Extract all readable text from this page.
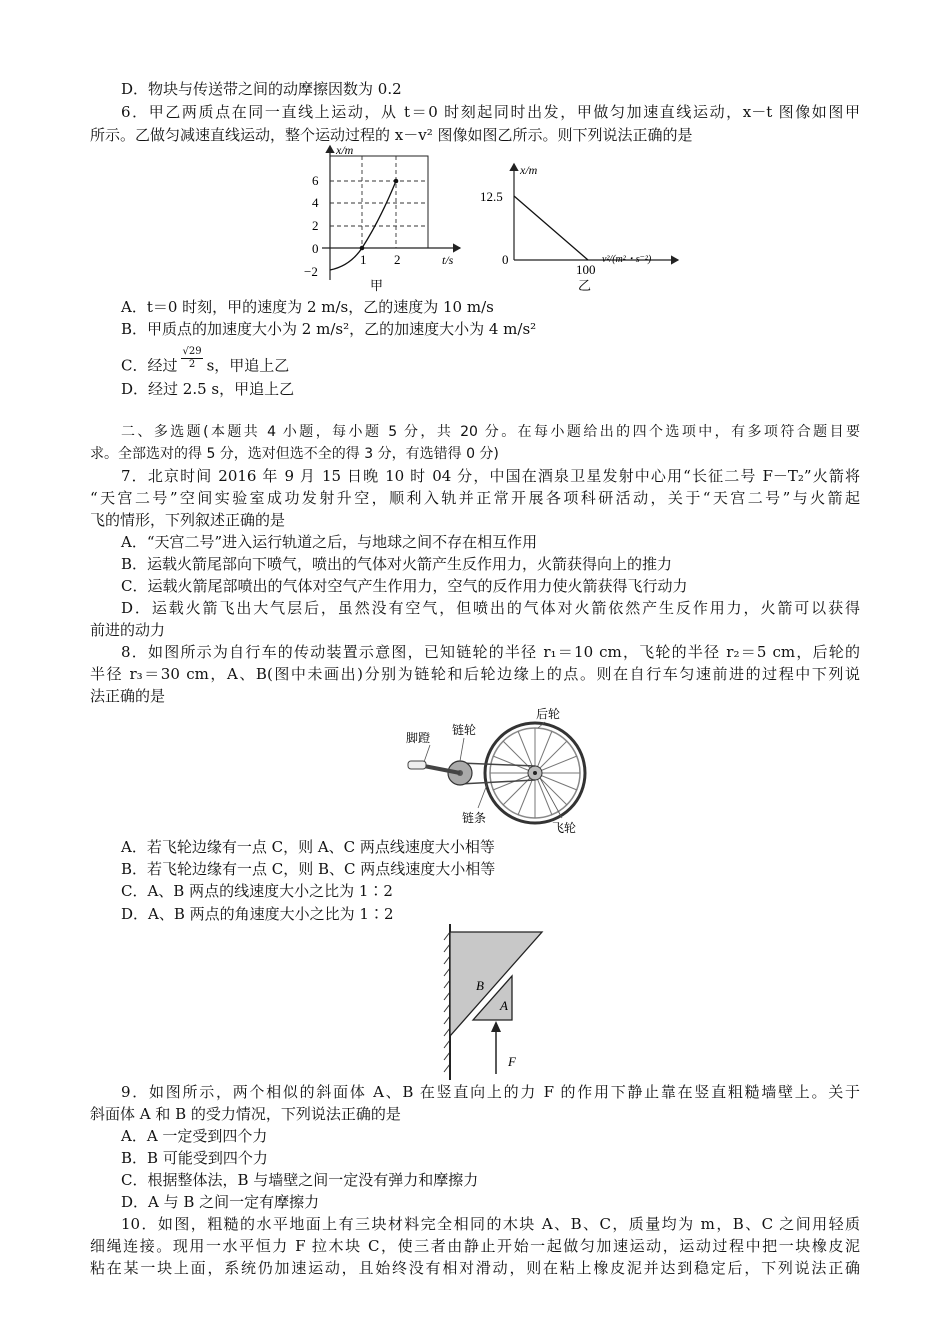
D．物块与传送带之间的动摩擦因数为 0.2
6．甲乙两质点在同一直线上运动，从 t＝0 时刻起同时出发，甲做匀加速直线运动，x－t 图像如图甲
所示。乙做匀减速直线运动，整个运动过程的 x－v² 图像如图乙所示。则下列说法正确的是
x/m
6
4
2
0
−2
1 2	t/s
甲
x/m
12.5
0
100
v²/(m²・s⁻²)
乙
A．t＝0 时刻，甲的速度为 2 m/s，乙的速度为 10 m/s
B．甲质点的加速度大小为 2 m/s²，乙的加速度大小为 4 m/s²
C．经过 $\frac{√29}{2}$ s，甲追上乙
D．经过 2.5 s，甲追上乙
二、多选题(本题共 4 小题，每小题 5 分，共 20 分。在每小题给出的四个选项中，有多项符合题目要
求。全部选对的得 5 分，选对但选不全的得 3 分，有选错得 0 分)
7．北京时间 2016 年 9 月 15 日晚 10 时 04 分，中国在酒泉卫星发射中心用“长征二号 F－T₂”火箭将
“天宫二号”空间实验室成功发射升空，顺利入轨并正常开展各项科研活动，关于“天宫二号”与火箭起
飞的情形，下列叙述正确的是
A．“天宫二号”进入运行轨道之后，与地球之间不存在相互作用
B．运载火箭尾部向下喷气，喷出的气体对火箭产生反作用力，火箭获得向上的推力
C．运载火箭尾部喷出的气体对空气产生作用力，空气的反作用力使火箭获得飞行动力
D．运载火箭飞出大气层后，虽然没有空气，但喷出的气体对火箭依然产生反作用力，火箭可以获得
前进的动力
8．如图所示为自行车的传动装置示意图，已知链轮的半径 r₁＝10 cm，飞轮的半径 r₂＝5 cm，后轮的
半径 r₃＝30 cm，A、B(图中未画出)分别为链轮和后轮边缘上的点。则在自行车匀速前进的过程中下列说
法正确的是
脚蹬
链轮
后轮
链条
飞轮
A．若飞轮边缘有一点 C，则 A、C 两点线速度大小相等
B．若飞轮边缘有一点 C，则 B、C 两点线速度大小相等
C．A、B 两点的线速度大小之比为 1∶2
D．A、B 两点的角速度大小之比为 1∶2
B
A
F
9．如图所示，两个相似的斜面体 A、B 在竖直向上的力 F 的作用下静止靠在竖直粗糙墙壁上。关于
斜面体 A 和 B 的受力情况，下列说法正确的是
A．A 一定受到四个力
B．B 可能受到四个力
C．根据整体法，B 与墙壁之间一定没有弹力和摩擦力
D．A 与 B 之间一定有摩擦力
10．如图，粗糙的水平地面上有三块材料完全相同的木块 A、B、C，质量均为 m，B、C 之间用轻质
细绳连接。现用一水平恒力 F 拉木块 C，使三者由静止开始一起做匀加速运动，运动过程中把一块橡皮泥
粘在某一块上面，系统仍加速运动，且始终没有相对滑动，则在粘上橡皮泥并达到稳定后，下列说法正确
